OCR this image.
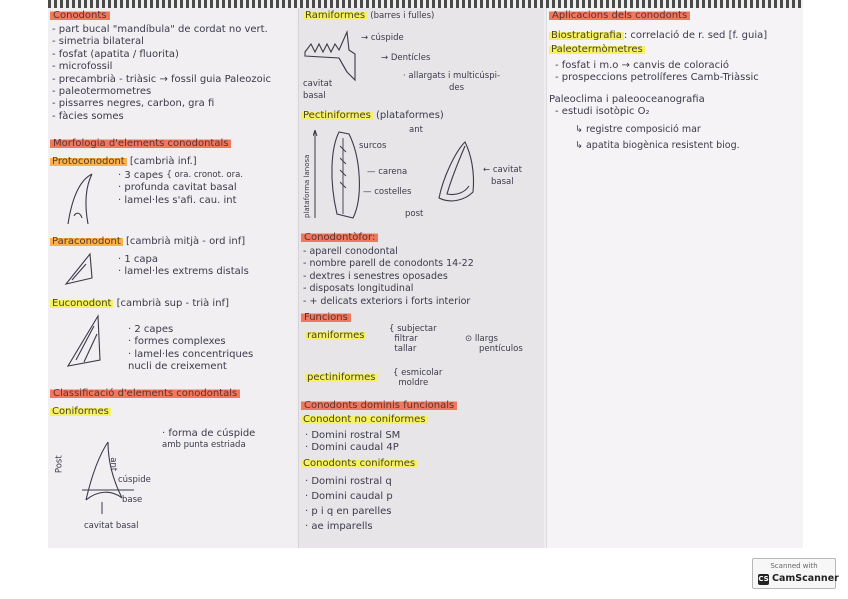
Conodonts
- part bucal "mandíbula" de cordat no vert.
- simetria bilateral
- fosfat (apatita / fluorita)
- microfossil
- precambrià - triàsic → fossil guia Paleozoic
- paleotermometres
- pissarres negres, carbon, gra fi
- fàcies somes
Morfologia d'elements conodontals
Protoconodont [cambrià inf.]
· 3 capes $^{\{ ora. cronot. ora.}$
· profunda cavitat basal
· lamel·les s'afi. cau. int
Paraconodont [cambrià mitjà - ord inf]
· 1 capa
· lamel·les extrems distals
Euconodont [cambrià sup - trià inf]
· 2 capes
· formes complexes
· lamel·les concentriques
nucli de creixement
Classificació d'elements conodontals
Coniformes
· forma de cúspide
amb punta estriada
Post	ant
cúspide
base
cavitat basal
Ramiformes (barres i fulles)
→ cúspide
→ Dentícles
cavitat
basal
· allargats i multicúspi-
des
Pectiniformes (plataformes)
plataforma lanosa
ant
surcos
— carena
— costelles
post
← cavitat
basal
Conodontòfor:
- aparell conodontal
- nombre parell de conodonts 14-22
- dextres i senestres oposades
- disposats longitudinal
- + delicats exteriors i forts interior
Funcions
ramiformes
{ subjectar
filtrar
tallar
⊙ llargs
pentículos
pectiniformes { esmicolar
moldre
Conodonts dominis funcionals
Conodont no coniformes
· Domini rostral SM
· Domini caudal 4P
Conodonts coniformes
· Domini rostral q
· Domini caudal p
· p i q en parelles
· ae imparells
Aplicacions dels conodonts
Biostratigrafia : correlació de r. sed [f. guia]
Paleotermòmetres
- fosfat i m.o → canvis de coloració
- prospeccions petrolíferes Camb-Triàssic
Paleoclima i paleooceanografia
- estudi isotòpic O₂
↳ registre composició mar
↳ apatita biogènica resistent biog.
Scanned with
CS CamScanner
